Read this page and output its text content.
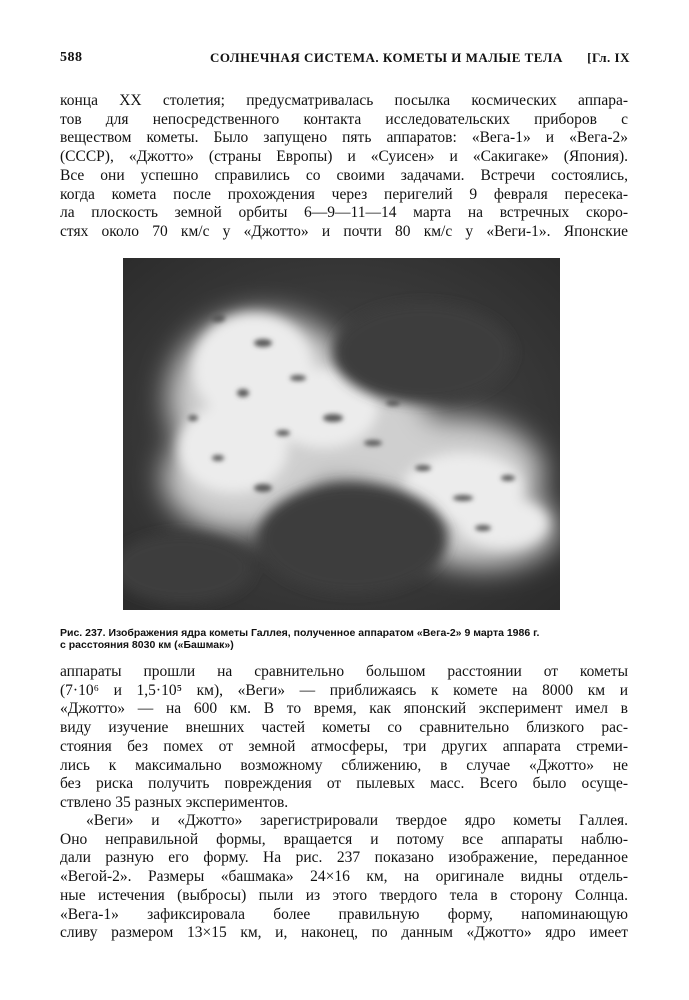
588	СОЛНЕЧНАЯ СИСТЕМА. КОМЕТЫ И МАЛЫЕ ТЕЛА [Гл. IX
конца XX столетия; предусматривалась посылка космических аппара-
тов для непосредственного контакта исследовательских приборов с
веществом кометы. Было запущено пять аппаратов: «Вега-1» и «Вега-2»
(СССР), «Джотто» (страны Европы) и «Суисен» и «Сакигаке» (Япония).
Все они успешно справились со своими задачами. Встречи состоялись,
когда комета после прохождения через перигелий 9 февраля пересека-
ла плоскость земной орбиты 6—9—11—14 марта на встречных скоро-
стях около 70 км/с у «Джотто» и почти 80 км/с у «Веги-1». Японские
Рис. 237. Изображения ядра кометы Галлея, полученное аппаратом «Вега-2» 9 марта 1986 г.
с расстояния 8030 км («Башмак»)
аппараты прошли на сравнительно большом расстоянии от кометы
(7·10⁶ и 1,5·10⁵ км), «Веги» — приближаясь к комете на 8000 км и
«Джотто» — на 600 км. В то время, как японский эксперимент имел в
виду изучение внешних частей кометы со сравнительно близкого рас-
стояния без помех от земной атмосферы, три других аппарата стреми-
лись к максимально возможному сближению, в случае «Джотто» не
без риска получить повреждения от пылевых масс. Всего было осуще-
ствлено 35 разных экспериментов.
«Веги» и «Джотто» зарегистрировали твердое ядро кометы Галлея.
Оно неправильной формы, вращается и потому все аппараты наблю-
дали разную его форму. На рис. 237 показано изображение, переданное
«Вегой-2». Размеры «башмака» 24×16 км, на оригинале видны отдель-
ные истечения (выбросы) пыли из этого твердого тела в сторону Солнца.
«Вега-1» зафиксировала более правильную форму, напоминающую
сливу размером 13×15 км, и, наконец, по данным «Джотто» ядро имеет
